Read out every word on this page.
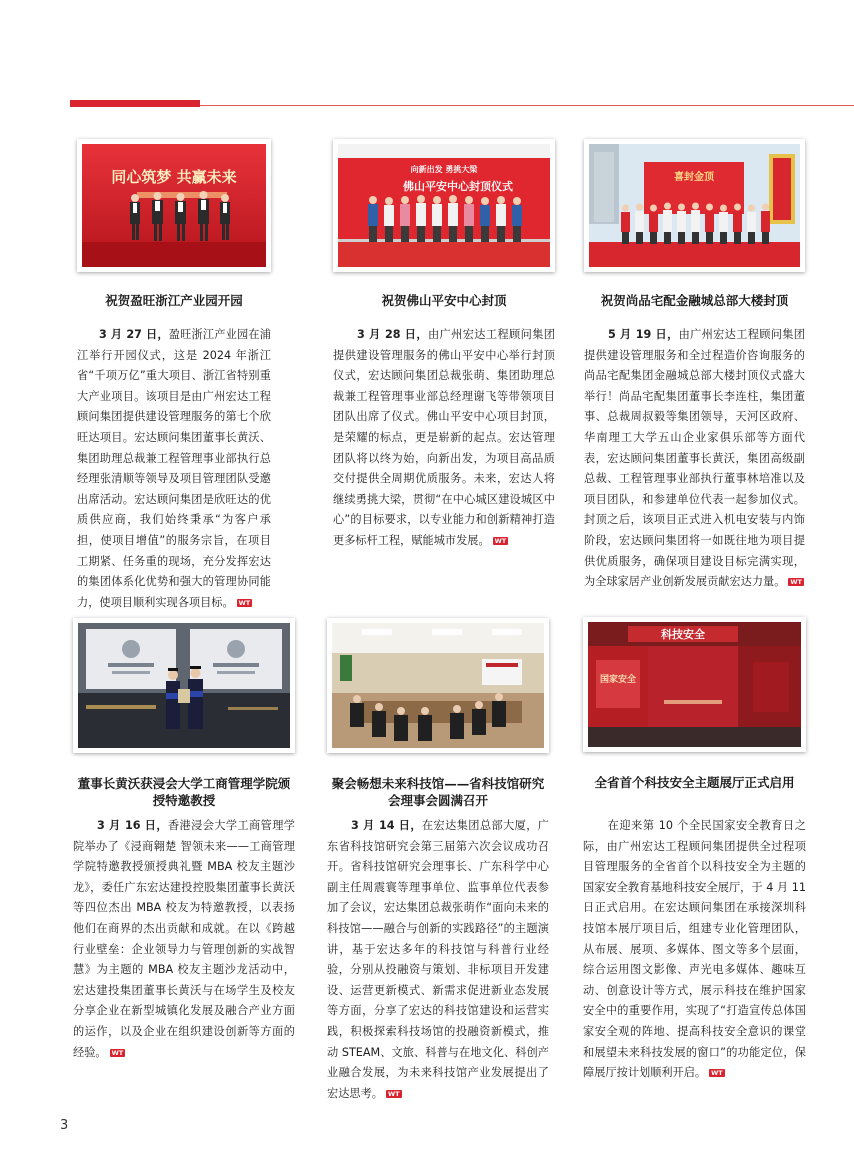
同心筑梦 共赢未来
祝贺盈旺浙江产业园开园

3 月 27 日，盈旺浙江产业园在浦江举行开园仪式，这是 2024 年浙江省“千项万亿”重大项目、浙江省特别重大产业项目。该项目是由广州宏达工程顾问集团提供建设管理服务的第七个欣旺达项目。宏达顾问集团董事长黄沃、集团助理总裁兼工程管理事业部执行总经理张清顺等领导及项目管理团队受邀出席活动。宏达顾问集团是欣旺达的优质供应商，我们始终秉承“为客户承担，使项目增值”的服务宗旨，在项目工期紧、任务重的现场，充分发挥宏达的集团体系化优势和强大的管理协同能力，使项目顺利实现各项目标。 WT

向新出发 勇挑大梁
佛山平安中心封顶仪式
祝贺佛山平安中心封顶

3 月 28 日，由广州宏达工程顾问集团提供建设管理服务的佛山平安中心举行封顶仪式，宏达顾问集团总裁张萌、集团助理总裁兼工程管理事业部总经理谢飞等带领项目团队出席了仪式。佛山平安中心项目封顶，是荣耀的标点，更是崭新的起点。宏达管理团队将以终为始，向新出发，为项目高品质交付提供全周期优质服务。未来，宏达人将继续勇挑大梁，贯彻“在中心城区建设城区中心”的目标要求，以专业能力和创新精神打造更多标杆工程，赋能城市发展。 WT

喜封金顶
祝贺尚品宅配金融城总部大楼封顶

5 月 19 日，由广州宏达工程顾问集团提供建设管理服务和全过程造价咨询服务的尚品宅配集团金融城总部大楼封顶仪式盛大举行！尚品宅配集团董事长李连柱，集团董事、总裁周叔毅等集团领导，天河区政府、华南理工大学五山企业家俱乐部等方面代表，宏达顾问集团董事长黄沃，集团高级副总裁、工程管理事业部执行董事林培准以及项目团队，和参建单位代表一起参加仪式。封顶之后，该项目正式进入机电安装与内饰阶段，宏达顾问集团将一如既往地为项目提供优质服务，确保项目建设目标完满实现，为全球家居产业创新发展贡献宏达力量。 WT

董事长黄沃获浸会大学工商管理学院颁授特邀教授

3 月 16 日，香港浸会大学工商管理学院举办了《浸商翱楚 智领未来——工商管理学院特邀教授颁授典礼暨 MBA 校友主题沙龙》，委任广东宏达建投控股集团董事长黄沃等四位杰出 MBA 校友为特邀教授，以表扬他们在商界的杰出贡献和成就。在以《跨越行业壁垒：企业领导力与管理创新的实战智慧》为主题的 MBA 校友主题沙龙活动中，宏达建投集团董事长黄沃与在场学生及校友分享企业在新型城镇化发展及融合产业方面的运作，以及企业在组织建设创新等方面的经验。 WT

聚会畅想未来科技馆——省科技馆研究会理事会圆满召开

3 月 14 日，在宏达集团总部大厦，广东省科技馆研究会第三届第六次会议成功召开。省科技馆研究会理事长、广东科学中心副主任周震寰等理事单位、监事单位代表参加了会议，宏达集团总裁张萌作“面向未来的科技馆——融合与创新的实践路径”的主题演讲，基于宏达多年的科技馆与科普行业经验，分别从投融资与策划、非标项目开发建设、运营更新模式、新需求促进新业态发展等方面，分享了宏达的科技馆建设和运营实践，积极探索科技场馆的投融资新模式，推动 STEAM、文旅、科普与在地文化、科创产业融合发展，为未来科技馆产业发展提出了宏达思考。 WT

科技安全
国家安全
全省首个科技安全主题展厅正式启用

在迎来第 10 个全民国家安全教育日之际，由广州宏达工程顾问集团提供全过程项目管理服务的全省首个以科技安全为主题的国家安全教育基地科技安全展厅，于 4 月 11 日正式启用。在宏达顾问集团在承接深圳科技馆本展厅项目后，组建专业化管理团队，从布展、展项、多媒体、图文等多个层面，综合运用图文影像、声光电多媒体、趣味互动、创意设计等方式，展示科技在维护国家安全中的重要作用，实现了“打造宣传总体国家安全观的阵地、提高科技安全意识的课堂和展望未来科技发展的窗口”的功能定位，保障展厅按计划顺利开启。 WT

3
